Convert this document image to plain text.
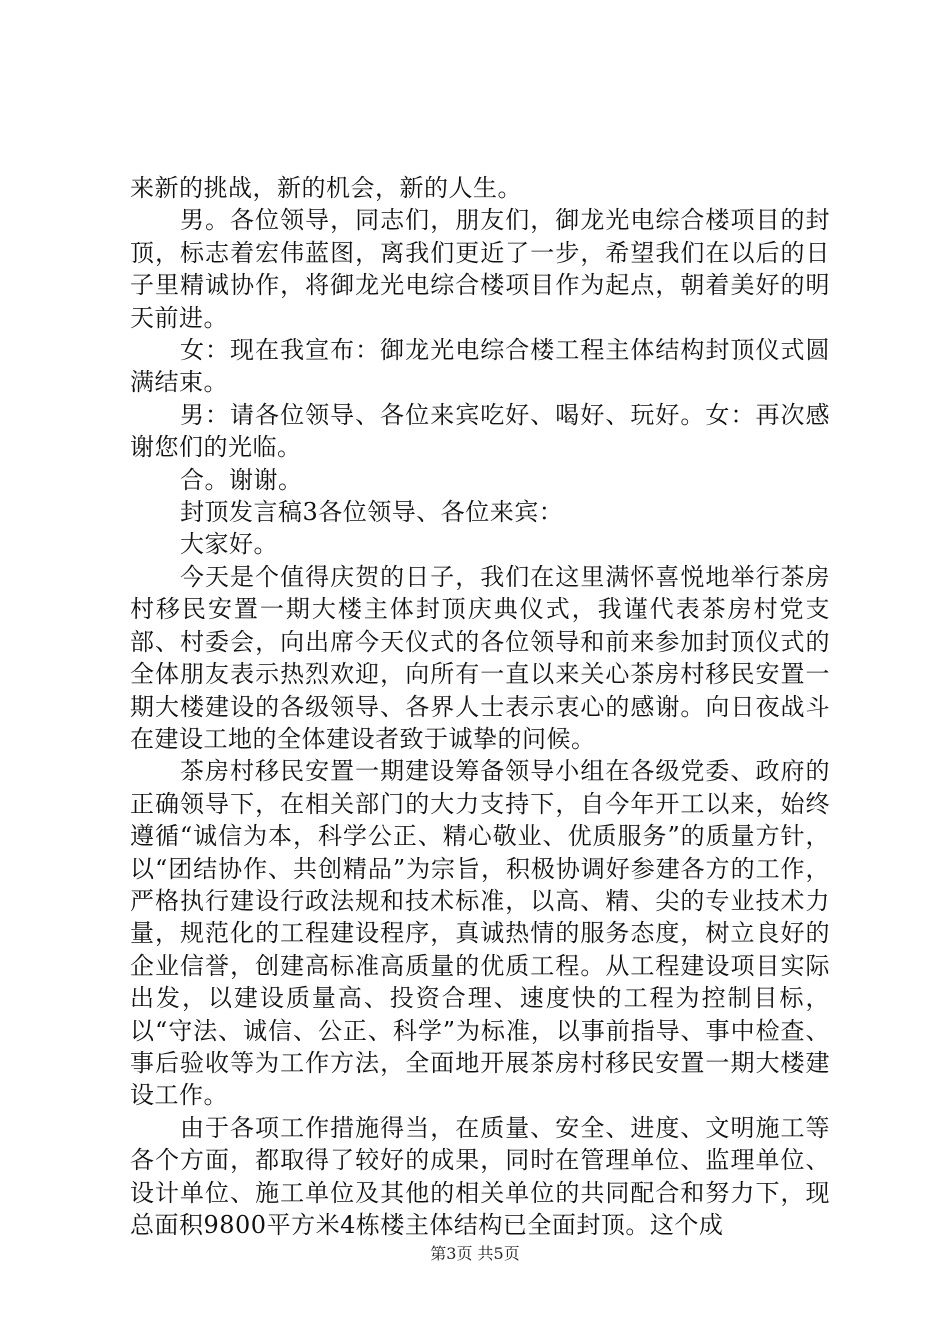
来新的挑战，新的机会，新的人生。

男。各位领导，同志们，朋友们，御龙光电综合楼项目的封顶，标志着宏伟蓝图，离我们更近了一步，希望我们在以后的日子里精诚协作，将御龙光电综合楼项目作为起点，朝着美好的明天前进。

女：现在我宣布：御龙光电综合楼工程主体结构封顶仪式圆满结束。

男：请各位领导、各位来宾吃好、喝好、玩好。女：再次感谢您们的光临。

合。谢谢。

封顶发言稿3各位领导、各位来宾：

大家好。

今天是个值得庆贺的日子，我们在这里满怀喜悦地举行茶房村移民安置一期大楼主体封顶庆典仪式，我谨代表茶房村党支部、村委会，向出席今天仪式的各位领导和前来参加封顶仪式的全体朋友表示热烈欢迎，向所有一直以来关心茶房村移民安置一期大楼建设的各级领导、各界人士表示衷心的感谢。向日夜战斗在建设工地的全体建设者致于诚挚的问候。

茶房村移民安置一期建设筹备领导小组在各级党委、政府的正确领导下，在相关部门的大力支持下，自今年开工以来，始终遵循“诚信为本，科学公正、精心敬业、优质服务”的质量方针，以“团结协作、共创精品”为宗旨，积极协调好参建各方的工作，严格执行建设行政法规和技术标准，以高、精、尖的专业技术力量，规范化的工程建设程序，真诚热情的服务态度，树立良好的企业信誉，创建高标准高质量的优质工程。从工程建设项目实际出发，以建设质量高、投资合理、速度快的工程为控制目标，以“守法、诚信、公正、科学”为标准，以事前指导、事中检查、事后验收等为工作方法，全面地开展茶房村移民安置一期大楼建设工作。

由于各项工作措施得当，在质量、安全、进度、文明施工等各个方面，都取得了较好的成果，同时在管理单位、监理单位、设计单位、施工单位及其他的相关单位的共同配合和努力下，现总面积9800平方米4栋楼主体结构已全面封顶。这个成

第3页 共5页
